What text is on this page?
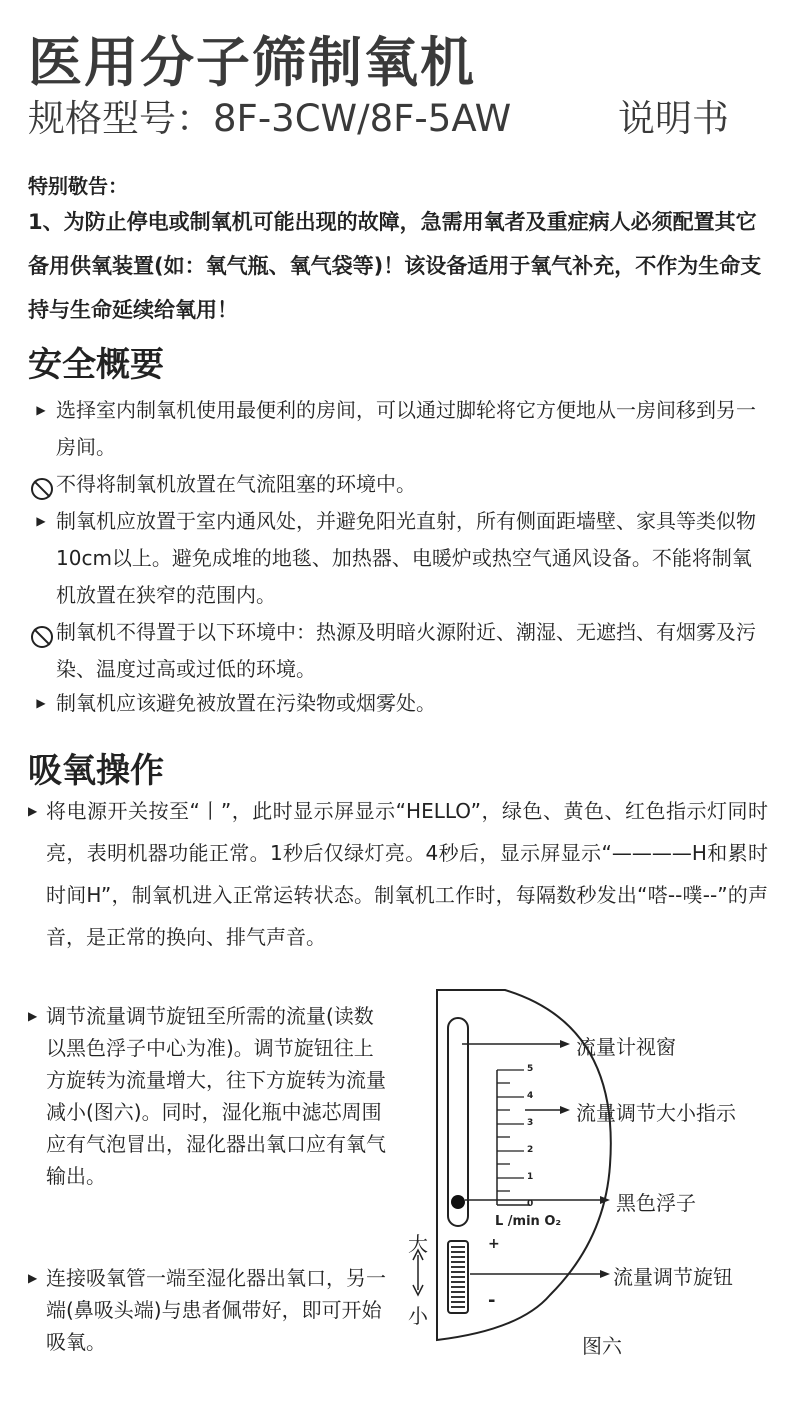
医用分子筛制氧机
规格型号：8F-3CW/8F-5AW	说明书
特别敬告：
1、为防止停电或制氧机可能出现的故障，急需用氧者及重症病人必须配置其它备用供氧装置(如：氧气瓶、氧气袋等)！该设备适用于氧气补充，不作为生命支持与生命延续给氧用！
安全概要
▶ 选择室内制氧机使用最便利的房间，可以通过脚轮将它方便地从一房间移到另一房间。
不得将制氧机放置在气流阻塞的环境中。
▶ 制氧机应放置于室内通风处，并避免阳光直射，所有侧面距墙壁、家具等类似物10cm以上。避免成堆的地毯、加热器、电暖炉或热空气通风设备。不能将制氧机放置在狭窄的范围内。
制氧机不得置于以下环境中：热源及明暗火源附近、潮湿、无遮挡、有烟雾及污染、温度过高或过低的环境。
▶ 制氧机应该避免被放置在污染物或烟雾处。
吸氧操作
▶ 将电源开关按至“丨”，此时显示屏显示“HELLO”，绿色、黄色、红色指示灯同时亮，表明机器功能正常。1秒后仅绿灯亮。4秒后，显示屏显示“————H和累时时间H”，制氧机进入正常运转状态。制氧机工作时，每隔数秒发出“嗒--噗--”的声音，是正常的换向、排气声音。
▶ 调节流量调节旋钮至所需的流量(读数以黑色浮子中心为准)。调节旋钮往上方旋转为流量增大，往下方旋转为流量减小(图六)。同时，湿化瓶中滤芯周围应有气泡冒出，湿化器出氧口应有氧气输出。
▶ 连接吸氧管一端至湿化器出氧口，另一端(鼻吸头端)与患者佩带好，即可开始吸氧。
5
4
3
2
1
0
L /min O₂
+
-
大
小
流量计视窗
流量调节大小指示
黑色浮子
流量调节旋钮
图六
